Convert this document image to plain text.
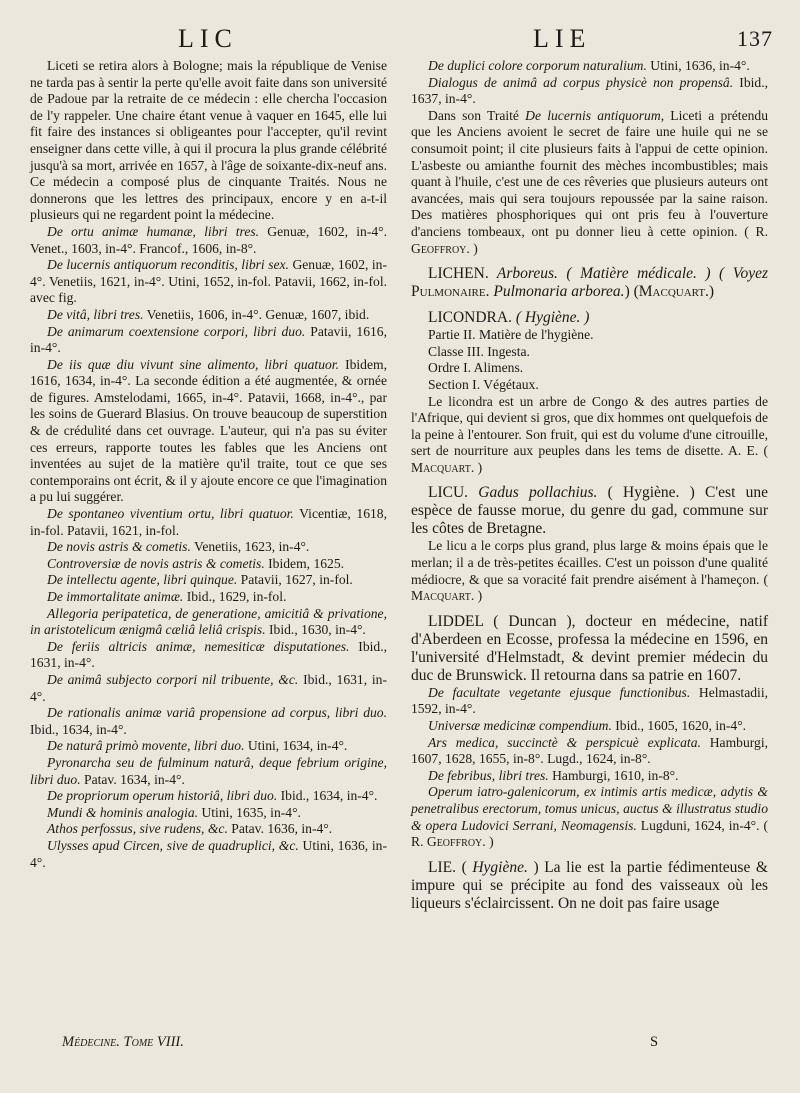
LIC	LIE	137

Liceti se retira alors à Bologne; mais la république de Venise ne tarda pas à sentir la perte qu'elle avoit faite dans son université de Padoue par la retraite de ce médecin : elle chercha l'occasion de l'y rappeler. Une chaire étant venue à vaquer en 1645, elle lui fit faire des instances si obligeantes pour l'accepter, qu'il revint enseigner dans cette ville, à qui il procura la plus grande célébrité jusqu'à sa mort, arrivée en 1657, à l'âge de soixante-dix-neuf ans. Ce médecin a composé plus de cinquante Traités. Nous ne donnerons que les lettres des principaux, encore y en a-t-il plusieurs qui ne regardent point la médecine.

De ortu animæ humanæ, libri tres. Genuæ, 1602, in-4°. Venet., 1603, in-4°. Francof., 1606, in-8°.

De lucernis antiquorum reconditis, libri sex. Genuæ, 1602, in-4°. Venetiis, 1621, in-4°. Utini, 1652, in-fol. Patavii, 1662, in-fol. avec fig.

De vitâ, libri tres. Venetiis, 1606, in-4°. Genuæ, 1607, ibid.

De animarum coextensione corpori, libri duo. Patavii, 1616, in-4°.

De iis quæ diu vivunt sine alimento, libri quatuor. Ibidem, 1616, 1634, in-4°. La seconde édition a été augmentée, & ornée de figures. Amstelodami, 1665, in-4°. Patavii, 1668, in-4°., par les soins de Guerard Blasius. On trouve beaucoup de superstition & de crédulité dans cet ouvrage. L'auteur, qui n'a pas su éviter ces erreurs, rapporte toutes les fables que les Anciens ont inventées au sujet de la matière qu'il traite, tout ce que ses contemporains ont écrit, & il y ajoute encore ce que l'imagination a pu lui suggérer.

De spontaneo viventium ortu, libri quatuor. Vicentiæ, 1618, in-fol. Patavii, 1621, in-fol.

De novis astris & cometis. Venetiis, 1623, in-4°.

Controversiæ de novis astris & cometis. Ibidem, 1625.

De intellectu agente, libri quinque. Patavii, 1627, in-fol.

De immortalitate animæ. Ibid., 1629, in-fol.

Allegoria peripatetica, de generatione, amicitiâ & privatione, in aristotelicum ænigmâ cæliâ leliâ crispis. Ibid., 1630, in-4°.

De feriis altricis animæ, nemesiticæ disputationes. Ibid., 1631, in-4°.

De animâ subjecto corpori nil tribuente, &c. Ibid., 1631, in-4°.

De rationalis animæ variâ propensione ad corpus, libri duo. Ibid., 1634, in-4°.

De naturâ primò movente, libri duo. Utini, 1634, in-4°.

Pyronarcha seu de fulminum naturâ, deque febrium origine, libri duo. Patav. 1634, in-4°.

De propriorum operum historiâ, libri duo. Ibid., 1634, in-4°.

Mundi & hominis analogia. Utini, 1635, in-4°.

Athos perfossus, sive rudens, &c. Patav. 1636, in-4°.

Ulysses apud Circen, sive de quadruplici, &c. Utini, 1636, in-4°.

De duplici colore corporum naturalium. Utini, 1636, in-4°.

Dialogus de animâ ad corpus physicè non propensâ. Ibid., 1637, in-4°.

Dans son Traité De lucernis antiquorum, Liceti a prétendu que les Anciens avoient le secret de faire une huile qui ne se consumoit point; il cite plusieurs faits à l'appui de cette opinion. L'asbeste ou amianthe fournit des mèches incombustibles; mais quant à l'huile, c'est une de ces rêveries que plusieurs auteurs ont avancées, mais qui sera toujours repoussée par la saine raison. Des matières phosphoriques qui ont pris feu à l'ouverture d'anciens tombeaux, ont pu donner lieu à cette opinion. ( R. Geoffroy. )

LICHEN. Arboreus. ( Matière médicale. ) ( Voyez Pulmonaire. Pulmonaria arborea.) (Macquart.)

LICONDRA. ( Hygiène. )

Partie II. Matière de l'hygiène.

Classe III. Ingesta.

Ordre I. Alimens.

Section I. Végétaux.

Le licondra est un arbre de Congo & des autres parties de l'Afrique, qui devient si gros, que dix hommes ont quelquefois de la peine à l'entourer. Son fruit, qui est du volume d'une citrouille, sert de nourriture aux peuples dans les tems de disette. A. E. ( Macquart. )

LICU. Gadus pollachius. ( Hygiène. ) C'est une espèce de fausse morue, du genre du gad, commune sur les côtes de Bretagne.

Le licu a le corps plus grand, plus large & moins épais que le merlan; il a de très-petites écailles. C'est un poisson d'une qualité médiocre, & que sa voracité fait prendre aisément à l'hameçon. ( Macquart. )

LIDDEL ( Duncan ), docteur en médecine, natif d'Aberdeen en Ecosse, professa la médecine en 1596, en l'université d'Helmstadt, & devint premier médecin du duc de Brunswick. Il retourna dans sa patrie en 1607.

De facultate vegetante ejusque functionibus. Helmastadii, 1592, in-4°.

Universæ medicinæ compendium. Ibid., 1605, 1620, in-4°.

Ars medica, succinctè & perspicuè explicata. Hamburgi, 1607, 1628, 1655, in-8°. Lugd., 1624, in-8°.

De febribus, libri tres. Hamburgi, 1610, in-8°.

Operum iatro-galenicorum, ex intimis artis medicæ, adytis & penetralibus erectorum, tomus unicus, auctus & illustratus studio & opera Ludovici Serrani, Neomagensis. Lugduni, 1624, in-4°. ( R. Geoffroy. )

LIE. ( Hygiène. ) La lie est la partie fédimenteuse & impure qui se précipite au fond des vaisseaux où les liqueurs s'éclaircissent. On ne doit pas faire usage

Médecine. Tome VIII.	S
